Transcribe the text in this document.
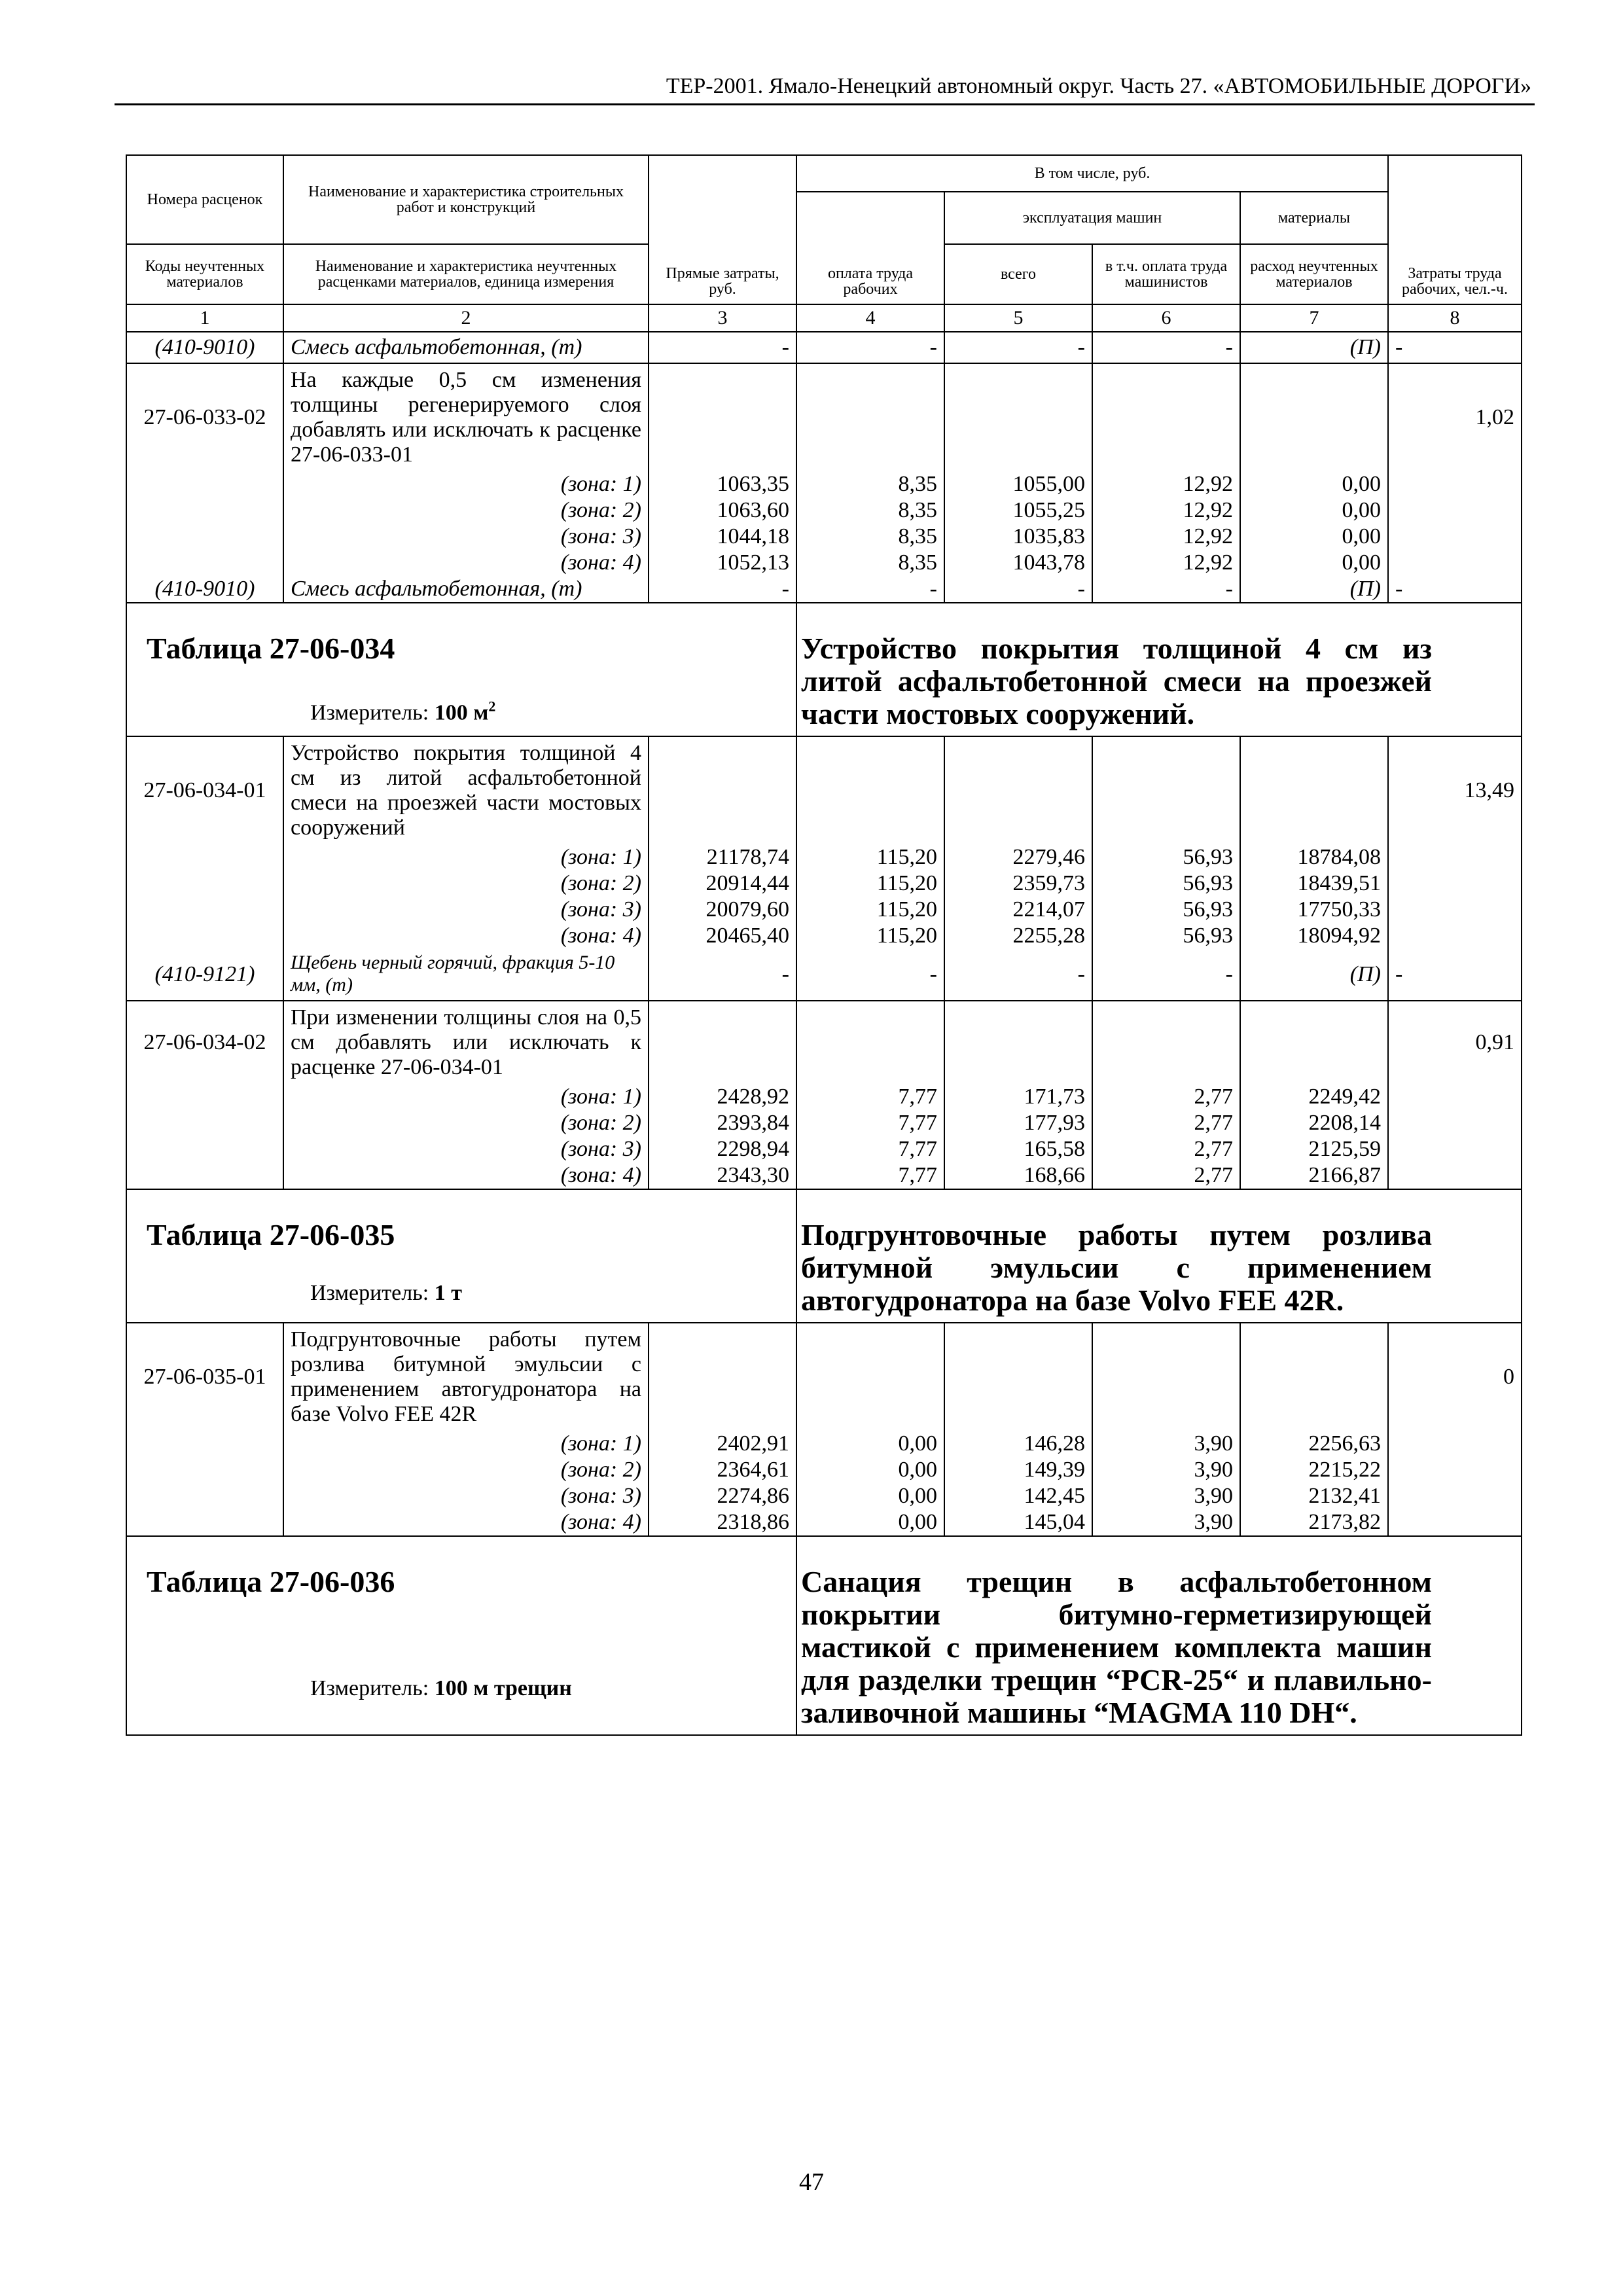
ТЕР-2001. Ямало-Ненецкий автономный округ. Часть 27. «АВТОМОБИЛЬНЫЕ ДОРОГИ»
Номера расценок	Наименование и характеристика строительных работ и конструкций	Прямые затраты, руб.	В том числе, руб.				Затраты труда рабочих, чел.-ч.
			оплата труда рабочих	эксплуатация машин		материалы	
Коды неучтенных материалов	Наименование и характеристика неучтенных расценками материалов, единица измерения			всего	в т.ч. оплата труда машинистов	расход неучтенных материалов	
1	2	3	4	5	6	7	8
(410-9010)	Смесь асфальтобетонная, (т)	-	-	-	-	(П)	-
27-06-033-02	На каждые 0,5 см изменения толщины регенерируемого слоя добавлять или исключать к расценке 27-06-033-01						1,02
	(зона: 1)	1063,35	8,35	1055,00	12,92	0,00	
	(зона: 2)	1063,60	8,35	1055,25	12,92	0,00	
	(зона: 3)	1044,18	8,35	1035,83	12,92	0,00	
	(зона: 4)	1052,13	8,35	1043,78	12,92	0,00	
(410-9010)	Смесь асфальтобетонная, (т)	-	-	-	-	(П)	-

Таблица 27-06-034
Измеритель: 100 $м^2$			Устройство покрытия толщиной 4 см из литой асфальтобетонной смеси на проезжей части мостовых сооружений.				

27-06-034-01	Устройство покрытия толщиной 4 см из литой асфальтобетонной смеси на проезжей части мостовых сооружений						13,49
	(зона: 1)	21178,74	115,20	2279,46	56,93	18784,08	
	(зона: 2)	20914,44	115,20	2359,73	56,93	18439,51	
	(зона: 3)	20079,60	115,20	2214,07	56,93	17750,33	
	(зона: 4)	20465,40	115,20	2255,28	56,93	18094,92	
(410-9121)	Щебень черный горячий, фракция 5-10 мм, (т)	-	-	-	-	(П)	-
27-06-034-02	При изменении толщины слоя на 0,5 см добавлять или исключать к расценке 27-06-034-01						0,91
	(зона: 1)	2428,92	7,77	171,73	2,77	2249,42	
	(зона: 2)	2393,84	7,77	177,93	2,77	2208,14	
	(зона: 3)	2298,94	7,77	165,58	2,77	2125,59	
	(зона: 4)	2343,30	7,77	168,66	2,77	2166,87	

Таблица 27-06-035
Измеритель: 1 т			Подгрунтовочные работы путем розлива битумной эмульсии с применением автогудронатора на базе Volvo FEE 42R.				

27-06-035-01	Подгрунтовочные работы путем розлива битумной эмульсии с применением автогудронатора на базе Volvo FEE 42R						0
	(зона: 1)	2402,91	0,00	146,28	3,90	2256,63	
	(зона: 2)	2364,61	0,00	149,39	3,90	2215,22	
	(зона: 3)	2274,86	0,00	142,45	3,90	2132,41	
	(зона: 4)	2318,86	0,00	145,04	3,90	2173,82	

Таблица 27-06-036
Измеритель: 100 м трещин			Санация трещин в асфальтобетонном покрытии битумно-герметизирующей мастикой с применением комплекта машин для разделки трещин “PCR-25“ и плавильно-заливочной машины “MAGMA 110 DH“.				
47
